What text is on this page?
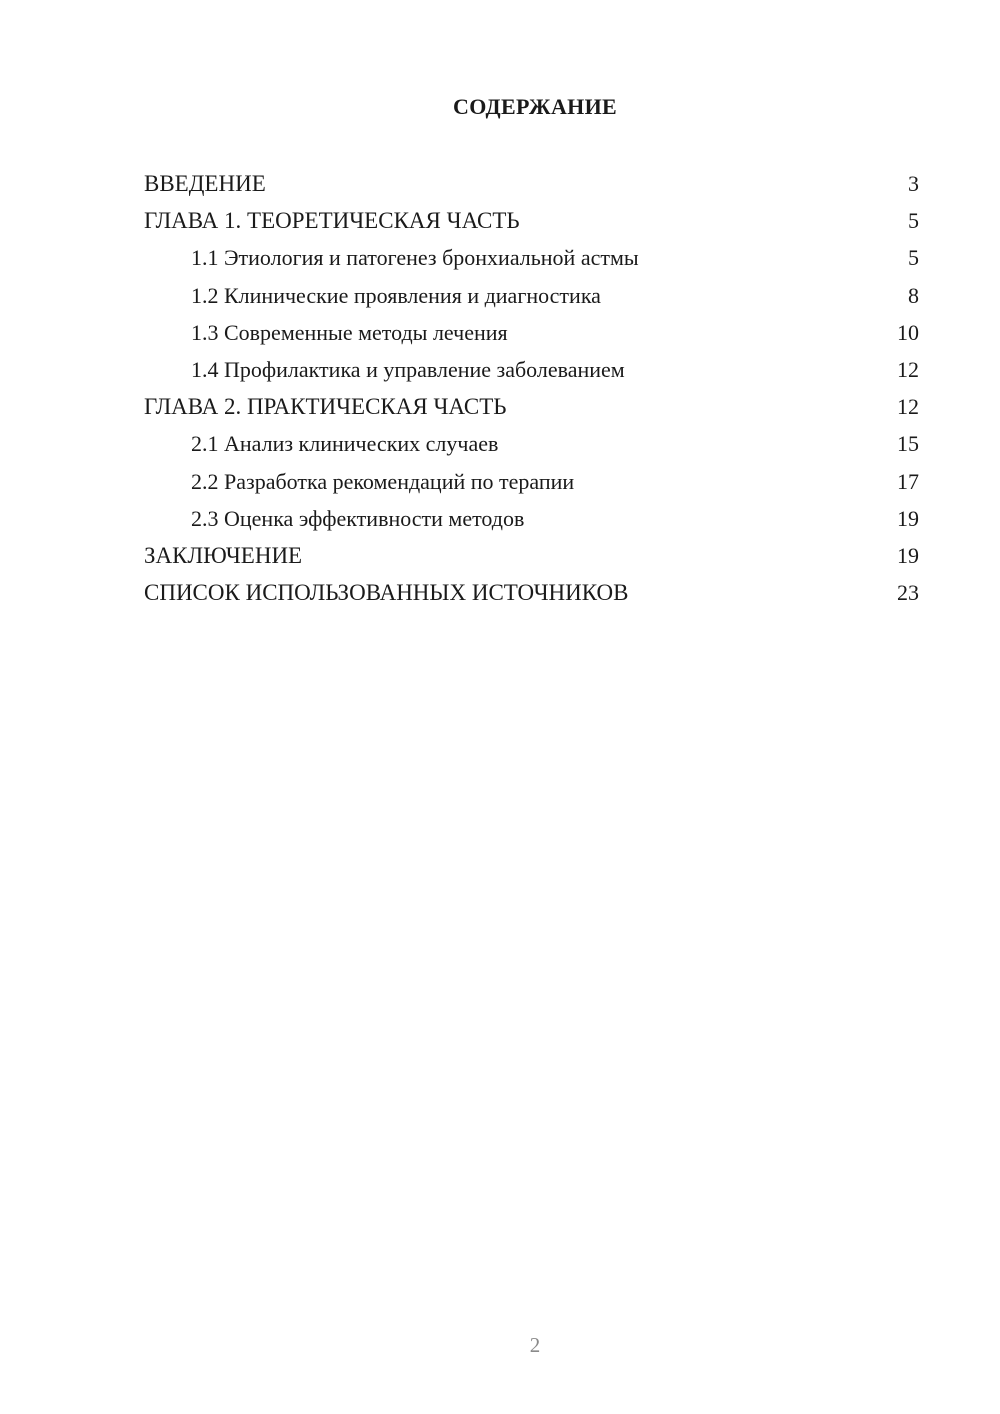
СОДЕРЖАНИЕ
ВВЕДЕНИЕ	3
ГЛАВА 1. ТЕОРЕТИЧЕСКАЯ ЧАСТЬ	5
1.1 Этиология и патогенез бронхиальной астмы	5
1.2 Клинические проявления и диагностика	8
1.3 Современные методы лечения	10
1.4 Профилактика и управление заболеванием	12
ГЛАВА 2. ПРАКТИЧЕСКАЯ ЧАСТЬ	12
2.1 Анализ клинических случаев	15
2.2 Разработка рекомендаций по терапии	17
2.3 Оценка эффективности методов	19
ЗАКЛЮЧЕНИЕ	19
СПИСОК ИСПОЛЬЗОВАННЫХ ИСТОЧНИКОВ	23
2
